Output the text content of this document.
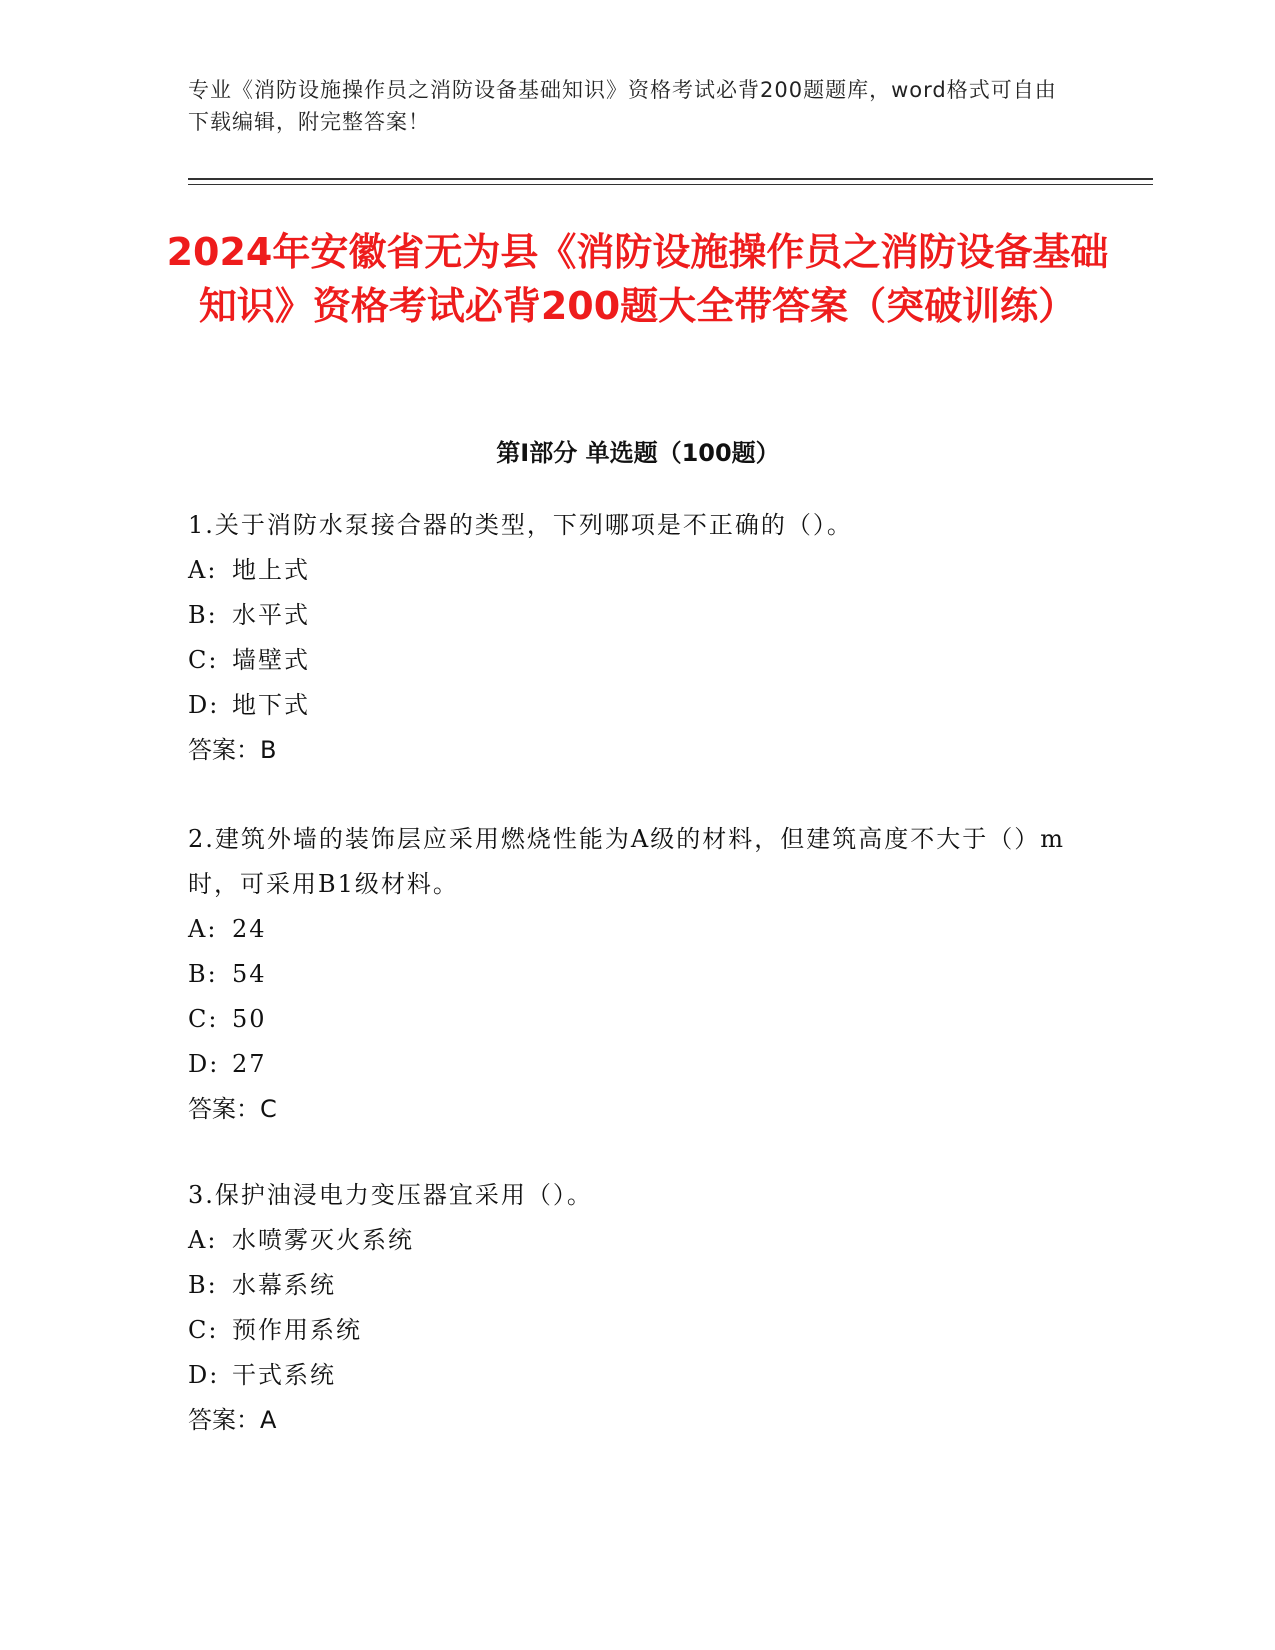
专业《消防设施操作员之消防设备基础知识》资格考试必背200题题库，word格式可自由下载编辑，附完整答案！
2024年安徽省无为县《消防设施操作员之消防设备基础知识》资格考试必背200题大全带答案（突破训练）
第I部分 单选题（100题）
1.关于消防水泵接合器的类型，下列哪项是不正确的（）。
A: 地上式
B: 水平式
C: 墙壁式
D: 地下式
答案：B
2.建筑外墙的装饰层应采用燃烧性能为A级的材料，但建筑高度不大于（）m时，可采用B1级材料。
A: 24
B: 54
C: 50
D: 27
答案：C
3.保护油浸电力变压器宜采用（）。
A: 水喷雾灭火系统
B: 水幕系统
C: 预作用系统
D: 干式系统
答案：A
